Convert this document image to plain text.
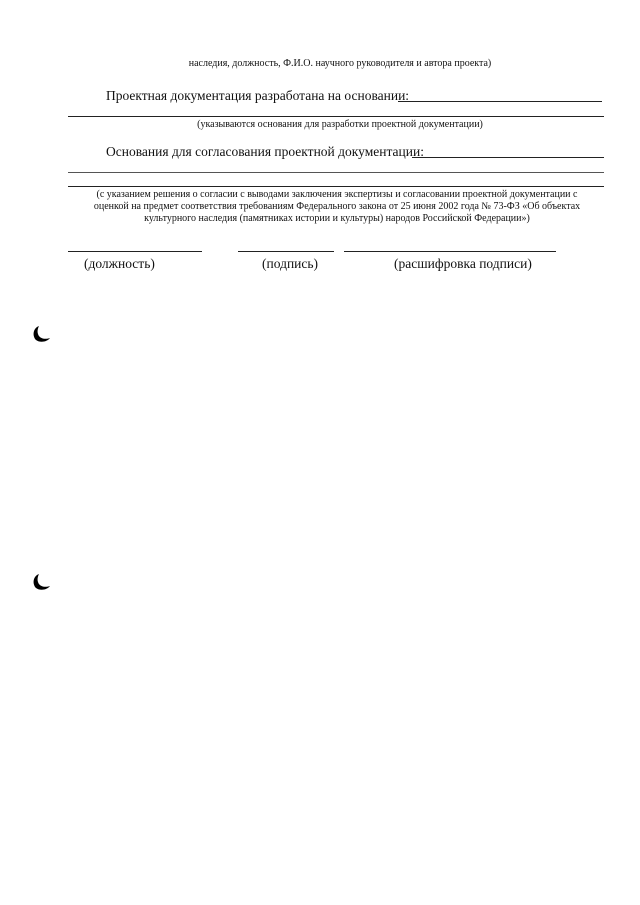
наследия, должность, Ф.И.О. научного руководителя и автора проекта)
Проектная документация разработана на основании:
(указываются основания для разработки проектной документации)
Основания для согласования проектной документации:
(с указанием решения о согласии с выводами заключения экспертизы и согласовании проектной документации с
оценкой на предмет соответствия требованиям Федерального закона от 25 июня 2002 года № 73-ФЗ «Об объектах
культурного наследия (памятниках истории и культуры) народов Российской Федерации»)
(должность)	(подпись)	(расшифровка подписи)
